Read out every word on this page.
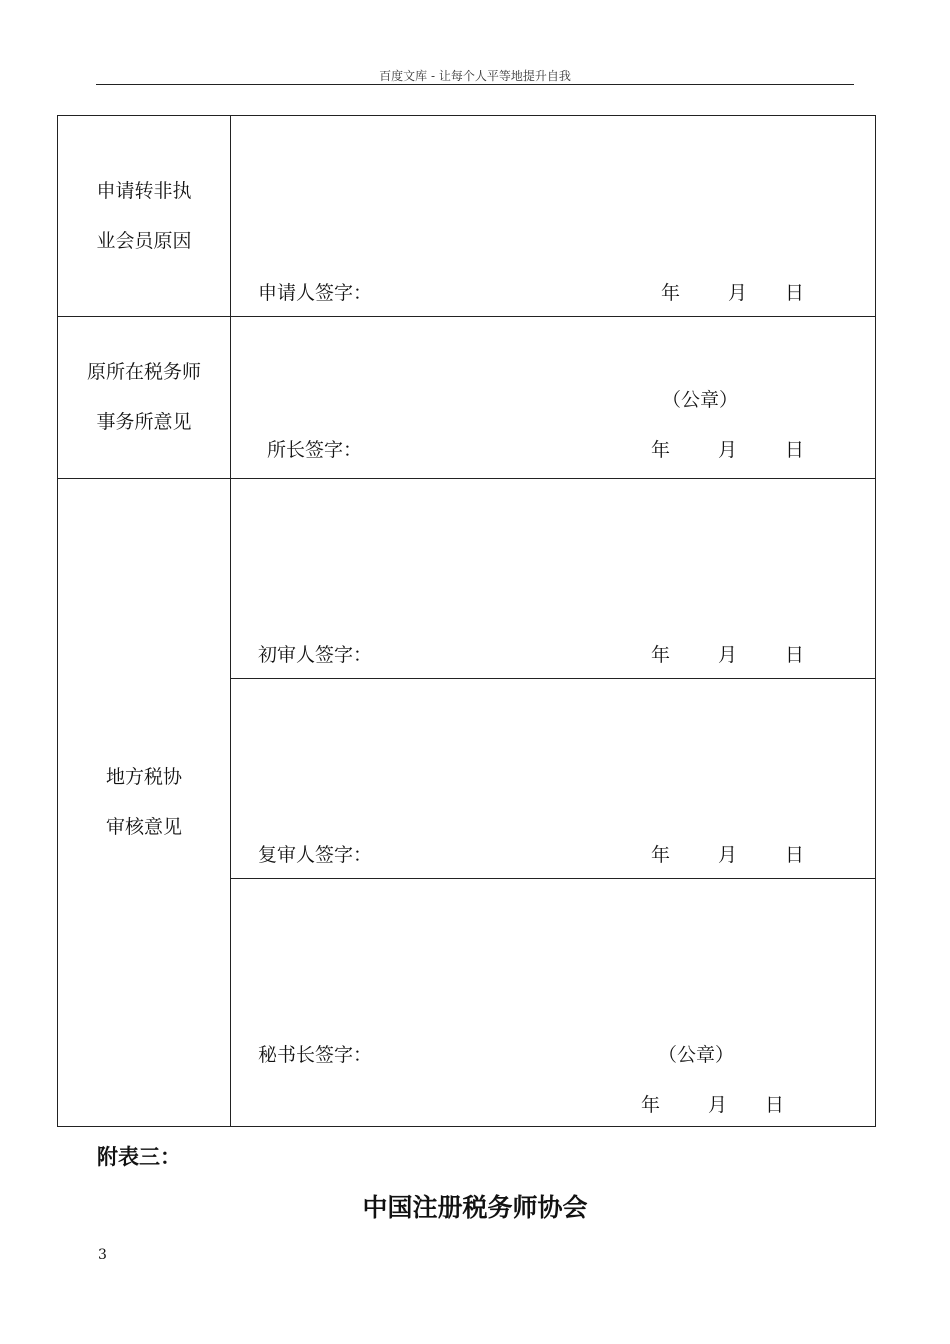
百度文库 - 让每个人平等地提升自我
申请转非执
业会员原因
申请人签字：	年	月 日
原所在税务师
事务所意见
（公章）
所长签字：	年	月	日
地方税协
审核意见
初审人签字：	年	月	日
复审人签字：	年	月	日
秘书长签字：	（公章）
年	月 日
附表三：
中国注册税务师协会
3
